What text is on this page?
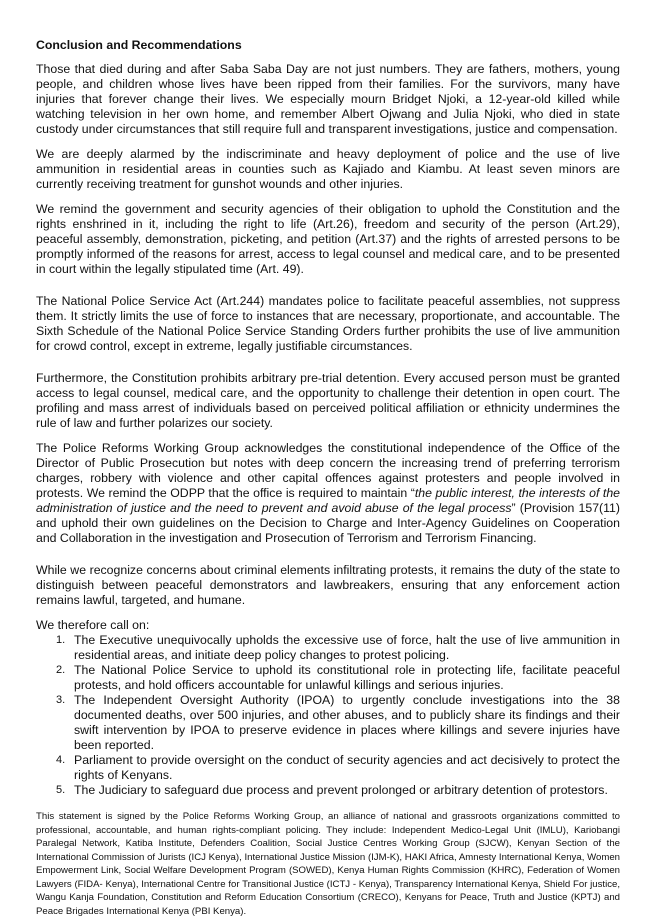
Conclusion and Recommendations

Those that died during and after Saba Saba Day are not just numbers. They are fathers, mothers, young people, and children whose lives have been ripped from their families. For the survivors, many have injuries that forever change their lives. We especially mourn Bridget Njoki, a 12-year-old killed while watching television in her own home, and remember Albert Ojwang and Julia Njoki, who died in state custody under circumstances that still require full and transparent investigations, justice and compensation.

We are deeply alarmed by the indiscriminate and heavy deployment of police and the use of live ammunition in residential areas in counties such as Kajiado and Kiambu. At least seven minors are currently receiving treatment for gunshot wounds and other injuries.

We remind the government and security agencies of their obligation to uphold the Constitution and the rights enshrined in it, including the right to life (Art.26), freedom and security of the person (Art.29), peaceful assembly, demonstration, picketing, and petition (Art.37) and the rights of arrested persons to be promptly informed of the reasons for arrest, access to legal counsel and medical care, and to be presented in court within the legally stipulated time (Art. 49).

The National Police Service Act (Art.244) mandates police to facilitate peaceful assemblies, not suppress them. It strictly limits the use of force to instances that are necessary, proportionate, and accountable. The Sixth Schedule of the National Police Service Standing Orders further prohibits the use of live ammunition for crowd control, except in extreme, legally justifiable circumstances.

Furthermore, the Constitution prohibits arbitrary pre-trial detention. Every accused person must be granted access to legal counsel, medical care, and the opportunity to challenge their detention in open court. The profiling and mass arrest of individuals based on perceived political affiliation or ethnicity undermines the rule of law and further polarizes our society.

The Police Reforms Working Group acknowledges the constitutional independence of the Office of the Director of Public Prosecution but notes with deep concern the increasing trend of preferring terrorism charges, robbery with violence and other capital offences against protesters and people involved in protests. We remind the ODPP that the office is required to maintain “the public interest, the interests of the administration of justice and the need to prevent and avoid abuse of the legal process” (Provision 157(11) and uphold their own guidelines on the Decision to Charge and Inter-Agency Guidelines on Cooperation and Collaboration in the investigation and Prosecution of Terrorism and Terrorism Financing.

While we recognize concerns about criminal elements infiltrating protests, it remains the duty of the state to distinguish between peaceful demonstrators and lawbreakers, ensuring that any enforcement action remains lawful, targeted, and humane.

We therefore call on:
1. The Executive unequivocally upholds the excessive use of force, halt the use of live ammunition in residential areas, and initiate deep policy changes to protest policing.
2. The National Police Service to uphold its constitutional role in protecting life, facilitate peaceful protests, and hold officers accountable for unlawful killings and serious injuries.
3. The Independent Oversight Authority (IPOA) to urgently conclude investigations into the 38 documented deaths, over 500 injuries, and other abuses, and to publicly share its findings and their swift intervention by IPOA to preserve evidence in places where killings and severe injuries have been reported.
4. Parliament to provide oversight on the conduct of security agencies and act decisively to protect the rights of Kenyans.
5. The Judiciary to safeguard due process and prevent prolonged or arbitrary detention of protestors.

This statement is signed by the Police Reforms Working Group, an alliance of national and grassroots organizations committed to professional, accountable, and human rights-compliant policing. They include: Independent Medico-Legal Unit (IMLU), Kariobangi Paralegal Network, Katiba Institute, Defenders Coalition, Social Justice Centres Working Group (SJCW), Kenyan Section of the International Commission of Jurists (ICJ Kenya), International Justice Mission (IJM-K), HAKI Africa, Amnesty International Kenya, Women Empowerment Link, Social Welfare Development Program (SOWED), Kenya Human Rights Commission (KHRC), Federation of Women Lawyers (FIDA- Kenya), International Centre for Transitional Justice (ICTJ - Kenya), Transparency International Kenya, Shield For justice, Wangu Kanja Foundation, Constitution and Reform Education Consortium (CRECO), Kenyans for Peace, Truth and Justice (KPTJ) and Peace Brigades International Kenya (PBI Kenya).
